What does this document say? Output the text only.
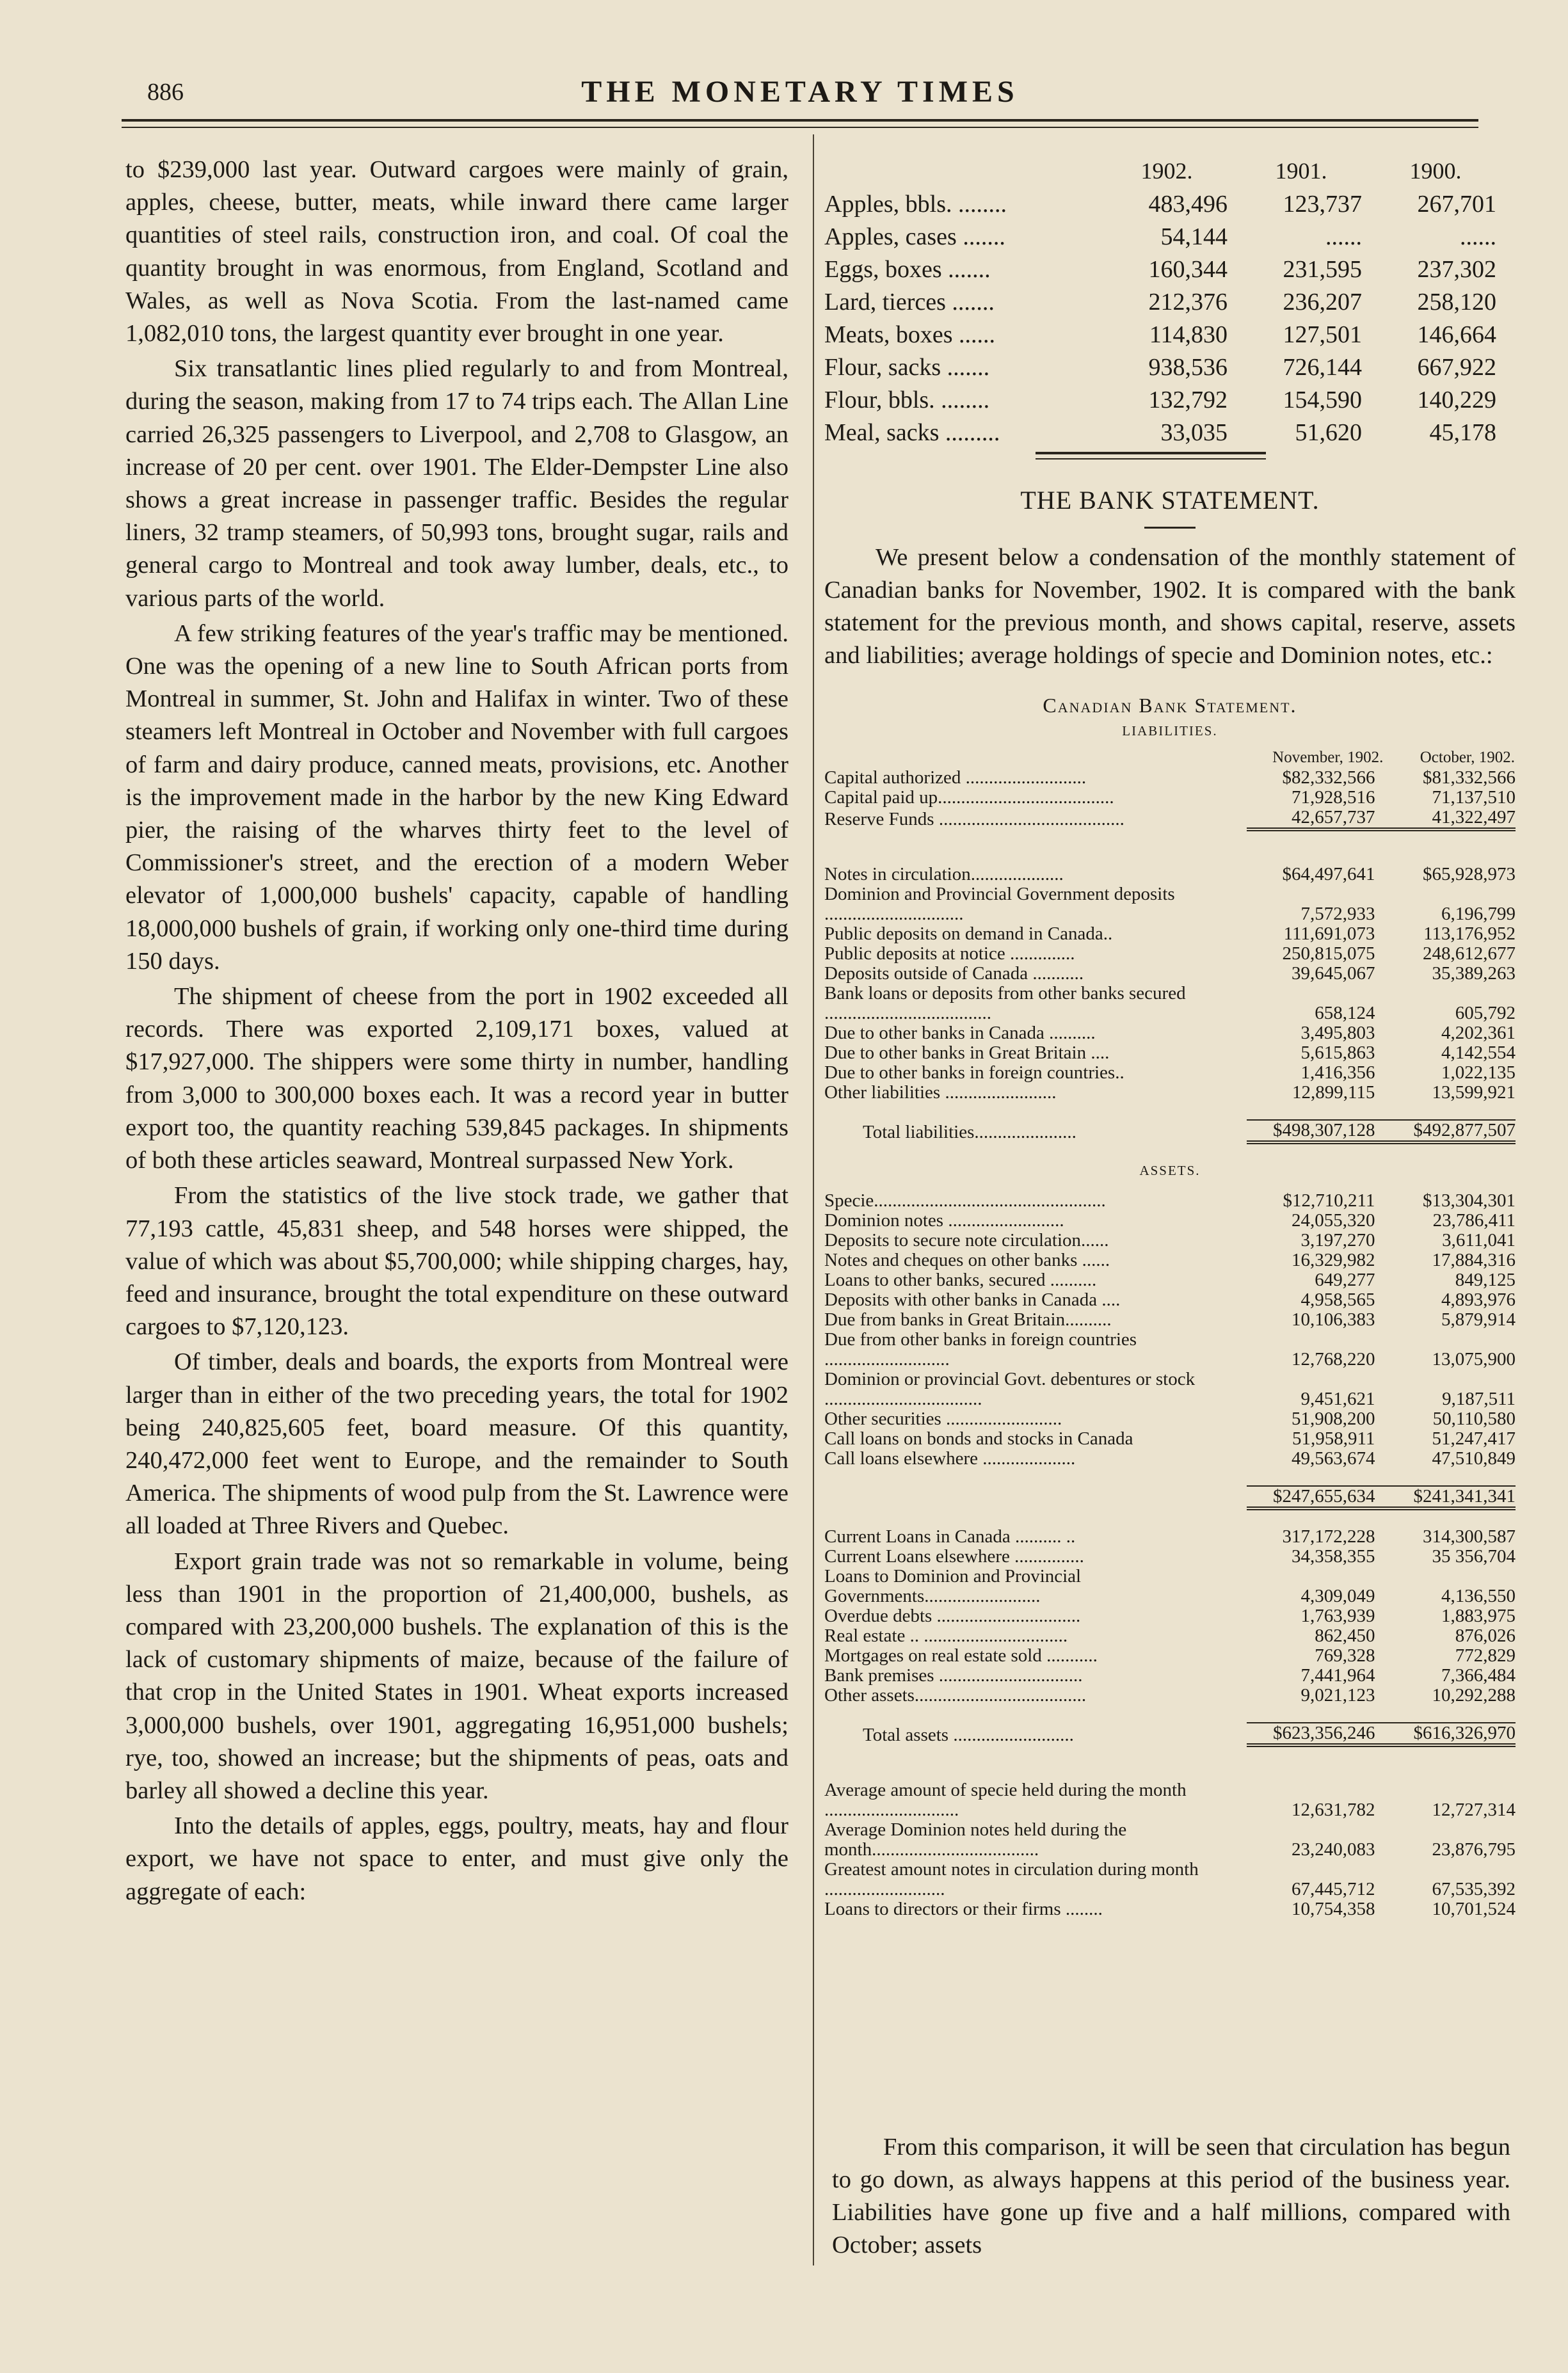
886	THE MONETARY TIMES

to $239,000 last year. Outward cargoes were mainly of grain, apples, cheese, butter, meats, while inward there came larger quantities of steel rails, construction iron, and coal. Of coal the quantity brought in was enormous, from England, Scotland and Wales, as well as Nova Scotia. From the last-named came 1,082,010 tons, the largest quantity ever brought in one year.

Six transatlantic lines plied regularly to and from Montreal, during the season, making from 17 to 74 trips each. The Allan Line carried 26,325 passengers to Liverpool, and 2,708 to Glasgow, an increase of 20 per cent. over 1901. The Elder-Dempster Line also shows a great increase in passenger traffic. Besides the regular liners, 32 tramp steamers, of 50,993 tons, brought sugar, rails and general cargo to Montreal and took away lumber, deals, etc., to various parts of the world.

A few striking features of the year's traffic may be mentioned. One was the opening of a new line to South African ports from Montreal in summer, St. John and Halifax in winter. Two of these steamers left Montreal in October and November with full cargoes of farm and dairy produce, canned meats, provisions, etc. Another is the improvement made in the harbor by the new King Edward pier, the raising of the wharves thirty feet to the level of Commissioner's street, and the erection of a modern Weber elevator of 1,000,000 bushels' capacity, capable of handling 18,000,000 bushels of grain, if working only one-third time during 150 days.

The shipment of cheese from the port in 1902 exceeded all records. There was exported 2,109,171 boxes, valued at $17,927,000. The shippers were some thirty in number, handling from 3,000 to 300,000 boxes each. It was a record year in butter export too, the quantity reaching 539,845 packages. In shipments of both these articles seaward, Montreal surpassed New York.

From the statistics of the live stock trade, we gather that 77,193 cattle, 45,831 sheep, and 548 horses were shipped, the value of which was about $5,700,000; while shipping charges, hay, feed and insurance, brought the total expenditure on these outward cargoes to $7,120,123.

Of timber, deals and boards, the exports from Montreal were larger than in either of the two preceding years, the total for 1902 being 240,825,605 feet, board measure. Of this quantity, 240,472,000 feet went to Europe, and the remainder to South America. The shipments of wood pulp from the St. Lawrence were all loaded at Three Rivers and Quebec.

Export grain trade was not so remarkable in volume, being less than 1901 in the proportion of 21,400,000, bushels, as compared with 23,200,000 bushels. The explanation of this is the lack of customary shipments of maize, because of the failure of that crop in the United States in 1901. Wheat exports increased 3,000,000 bushels, over 1901, aggregating 16,951,000 bushels; rye, too, showed an increase; but the shipments of peas, oats and barley all showed a decline this year.

Into the details of apples, eggs, poultry, meats, hay and flour export, we have not space to enter, and must give only the aggregate of each:

	1902.	1901.	1900.
Apples, bbls. ........	483,496	123,737	267,701
Apples, cases .......	54,144	......	......
Eggs, boxes .......	160,344	231,595	237,302
Lard, tierces .......	212,376	236,207	258,120
Meats, boxes ......	114,830	127,501	146,664
Flour, sacks .......	938,536	726,144	667,922
Flour, bbls. ........	132,792	154,590	140,229
Meal, sacks .........	33,035	51,620	45,178
THE BANK STATEMENT.

We present below a condensation of the monthly statement of Canadian banks for November, 1902. It is compared with the bank statement for the previous month, and shows capital, reserve, assets and liabilities; average holdings of specie and Dominion notes, etc.:

Canadian Bank Statement.
LIABILITIES.		
	November, 1902.	October, 1902.
Capital authorized ..........................	$82,332,566	$81,332,566
Capital paid up......................................	71,928,516	71,137,510
Reserve Funds ........................................	42,657,737	41,322,497

Notes in circulation....................	$64,497,641	$65,928,973
Dominion and Provincial Government deposits ..............................	7,572,933	6,196,799
Public deposits on demand in Canada..	111,691,073	113,176,952
Public deposits at notice ..............	250,815,075	248,612,677
Deposits outside of Canada ...........	39,645,067	35,389,263
Bank loans or deposits from other banks secured ....................................	658,124	605,792
Due to other banks in Canada ..........	3,495,803	4,202,361
Due to other banks in Great Britain ....	5,615,863	4,142,554
Due to other banks in foreign countries..	1,416,356	1,022,135
Other liabilities ........................	12,899,115	13,599,921

Total liabilities......................	$498,307,128	$492,877,507
ASSETS.		
Specie..................................................	$12,710,211	$13,304,301
Dominion notes .........................	24,055,320	23,786,411
Deposits to secure note circulation......	3,197,270	3,611,041
Notes and cheques on other banks ......	16,329,982	17,884,316
Loans to other banks, secured ..........	649,277	849,125
Deposits with other banks in Canada ....	4,958,565	4,893,976
Due from banks in Great Britain..........	10,106,383	5,879,914
Due from other banks in foreign countries ...........................	12,768,220	13,075,900
Dominion or provincial Govt. debentures or stock ..................................	9,451,621	9,187,511
Other securities .........................	51,908,200	50,110,580
Call loans on bonds and stocks in Canada	51,958,911	51,247,417
Call loans elsewhere ....................	49,563,674	47,510,849

	$247,655,634	$241,341,341

Current Loans in Canada .......... ..	317,172,228	314,300,587
Current Loans elsewhere ...............	34,358,355	35 356,704
Loans to Dominion and Provincial Governments.........................	4,309,049	4,136,550
Overdue debts ...............................	1,763,939	1,883,975
Real estate .. ...............................	862,450	876,026
Mortgages on real estate sold ...........	769,328	772,829
Bank premises ...............................	7,441,964	7,366,484
Other assets.....................................	9,021,123	10,292,288

Total assets ..........................	$623,356,246	$616,326,970

Average amount of specie held during the month .............................	12,631,782	12,727,314
Average Dominion notes held during the month....................................	23,240,083	23,876,795
Greatest amount notes in circulation during month ..........................	67,445,712	67,535,392
Loans to directors or their firms ........	10,754,358	10,701,524

From this comparison, it will be seen that circulation has begun to go down, as always happens at this period of the business year. Liabilities have gone up five and a half millions, compared with October; assets
